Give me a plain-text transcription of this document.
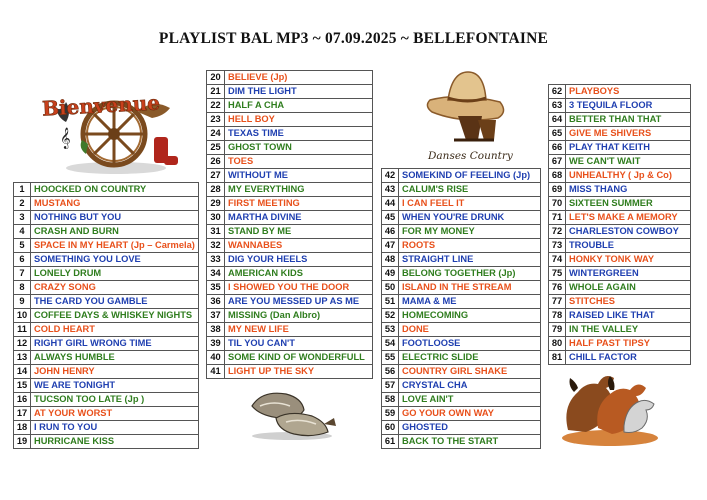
PLAYLIST BAL MP3 ~ 07.09.2025 ~ BELLEFONTAINE
𝄞
Bienvenue
Danses Country
1	HOOCKED ON COUNTRY
2	MUSTANG
3	NOTHING BUT YOU
4	CRASH AND BURN
5	SPACE IN MY HEART (Jp – Carmela)
6	SOMETHING YOU LOVE
7	LONELY DRUM
8	CRAZY SONG
9	THE CARD YOU GAMBLE
10	COFFEE DAYS & WHISKEY NIGHTS
11	COLD HEART
12	RIGHT GIRL WRONG TIME
13	ALWAYS HUMBLE
14	JOHN HENRY
15	WE ARE TONIGHT
16	TUCSON TOO LATE (Jp )
17	AT YOUR WORST
18	I RUN TO YOU
19	HURRICANE KISS
20	BELIEVE (Jp)
21	DIM THE LIGHT
22	HALF A CHA
23	HELL BOY
24	TEXAS TIME
25	GHOST TOWN
26	TOES
27	WITHOUT ME
28	MY EVERYTHING
29	FIRST MEETING
30	MARTHA DIVINE
31	STAND BY ME
32	WANNABES
33	DIG YOUR HEELS
34	AMERICAN KIDS
35	I SHOWED YOU THE DOOR
36	ARE YOU MESSED UP AS ME
37	MISSING (Dan Albro)
38	MY NEW LIFE
39	TIL YOU CAN'T
40	SOME KIND OF WONDERFULL
41	LIGHT UP THE SKY
42	SOMEKIND OF FEELING (Jp)
43	CALUM'S RISE
44	I CAN FEEL IT
45	WHEN YOU'RE DRUNK
46	FOR MY MONEY
47	ROOTS
48	STRAIGHT LINE
49	BELONG TOGETHER (Jp)
50	ISLAND IN THE STREAM
51	MAMA & ME
52	HOMECOMING
53	DONE
54	FOOTLOOSE
55	ELECTRIC SLIDE
56	COUNTRY GIRL SHAKE
57	CRYSTAL CHA
58	LOVE AIN'T
59	GO YOUR OWN WAY
60	GHOSTED
61	BACK TO THE START
62	PLAYBOYS
63	3 TEQUILA FLOOR
64	BETTER THAN THAT
65	GIVE ME SHIVERS
66	PLAY THAT KEITH
67	WE CAN'T WAIT
68	UNHEALTHY ( Jp & Co)
69	MISS THANG
70	SIXTEEN SUMMER
71	LET'S MAKE A MEMORY
72	CHARLESTON COWBOY
73	TROUBLE
74	HONKY TONK WAY
75	WINTERGREEN
76	WHOLE AGAIN
77	STITCHES
78	RAISED LIKE THAT
79	IN THE VALLEY
80	HALF PAST TIPSY
81	CHILL FACTOR
